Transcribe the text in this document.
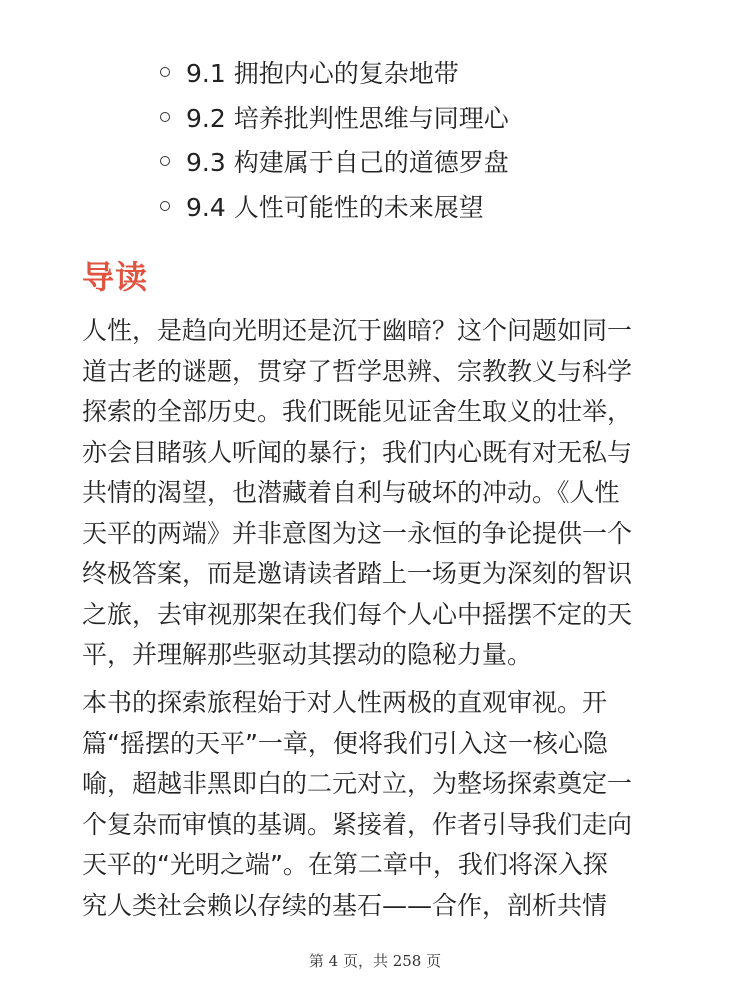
9.1 拥抱内心的复杂地带
9.2 培养批判性思维与同理心
9.3 构建属于自己的道德罗盘
9.4 人性可能性的未来展望
导读

人性，是趋向光明还是沉于幽暗？这个问题如同一
道古老的谜题，贯穿了哲学思辨、宗教教义与科学
探索的全部历史。我们既能见证舍生取义的壮举，
亦会目睹骇人听闻的暴行；我们内心既有对无私与
共情的渴望，也潜藏着自利与破坏的冲动。《人性
天平的两端》并非意图为这一永恒的争论提供一个
终极答案，而是邀请读者踏上一场更为深刻的智识
之旅，去审视那架在我们每个人心中摇摆不定的天
平，并理解那些驱动其摆动的隐秘力量。

本书的探索旅程始于对人性两极的直观审视。开
篇“摇摆的天平”一章，便将我们引入这一核心隐
喻，超越非黑即白的二元对立，为整场探索奠定一
个复杂而审慎的基调。紧接着，作者引导我们走向
天平的“光明之端”。在第二章中，我们将深入探
究人类社会赖以存续的基石——合作，剖析共情

第 4 页，共 258 页
